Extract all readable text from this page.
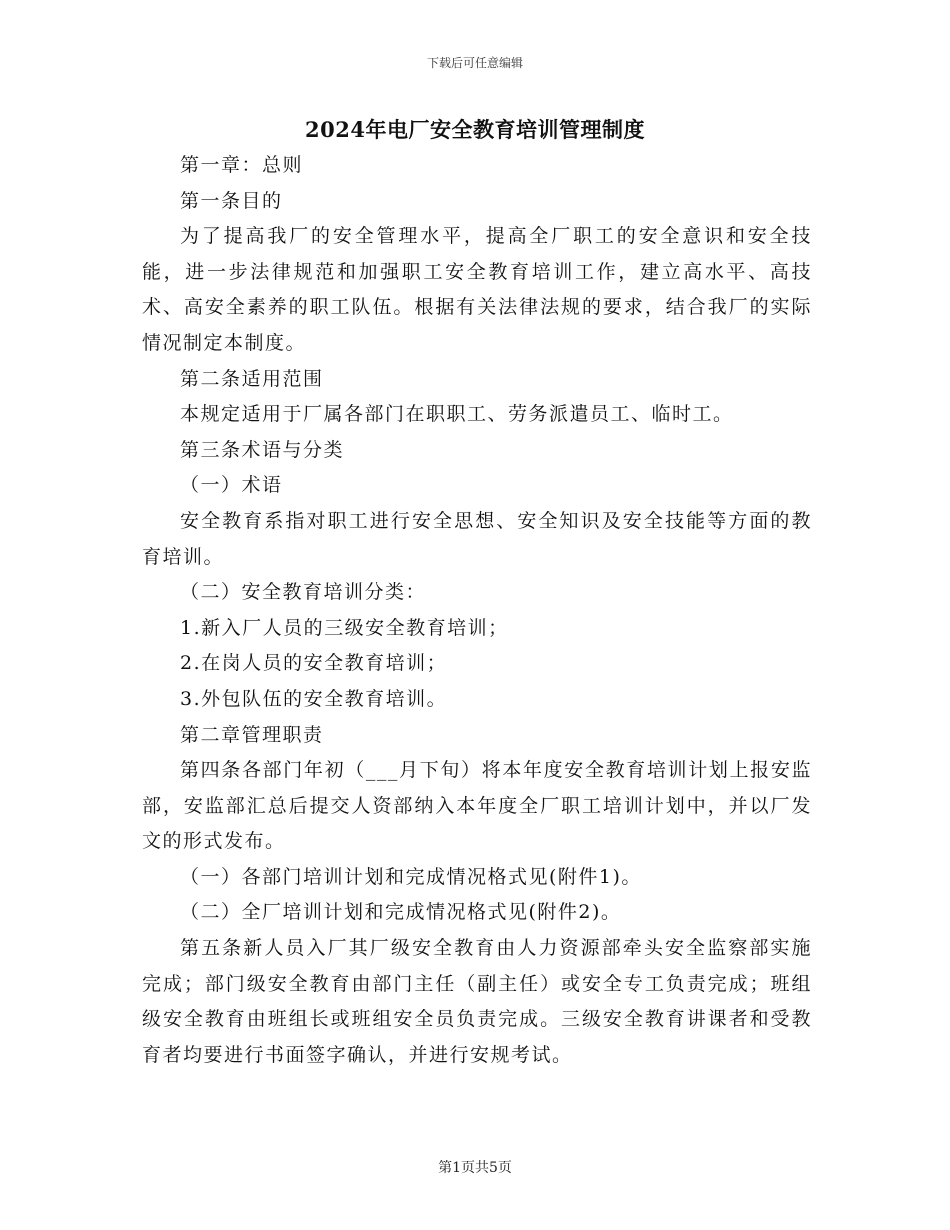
下载后可任意编辑
2024年电厂安全教育培训管理制度

第一章：总则

第一条目的

为了提高我厂的安全管理水平，提高全厂职工的安全意识和安全技能，进一步法律规范和加强职工安全教育培训工作，建立高水平、高技术、高安全素养的职工队伍。根据有关法律法规的要求，结合我厂的实际情况制定本制度。

第二条适用范围

本规定适用于厂属各部门在职职工、劳务派遣员工、临时工。

第三条术语与分类

（一）术语

安全教育系指对职工进行安全思想、安全知识及安全技能等方面的教育培训。

（二）安全教育培训分类：

1.新入厂人员的三级安全教育培训；

2.在岗人员的安全教育培训；

3.外包队伍的安全教育培训。

第二章管理职责

第四条各部门年初（___月下旬）将本年度安全教育培训计划上报安监部，安监部汇总后提交人资部纳入本年度全厂职工培训计划中，并以厂发文的形式发布。

（一）各部门培训计划和完成情况格式见(附件1)。

（二）全厂培训计划和完成情况格式见(附件2)。

第五条新人员入厂其厂级安全教育由人力资源部牵头安全监察部实施完成；部门级安全教育由部门主任（副主任）或安全专工负责完成；班组级安全教育由班组长或班组安全员负责完成。三级安全教育讲课者和受教育者均要进行书面签字确认，并进行安规考试。

第1页共5页
